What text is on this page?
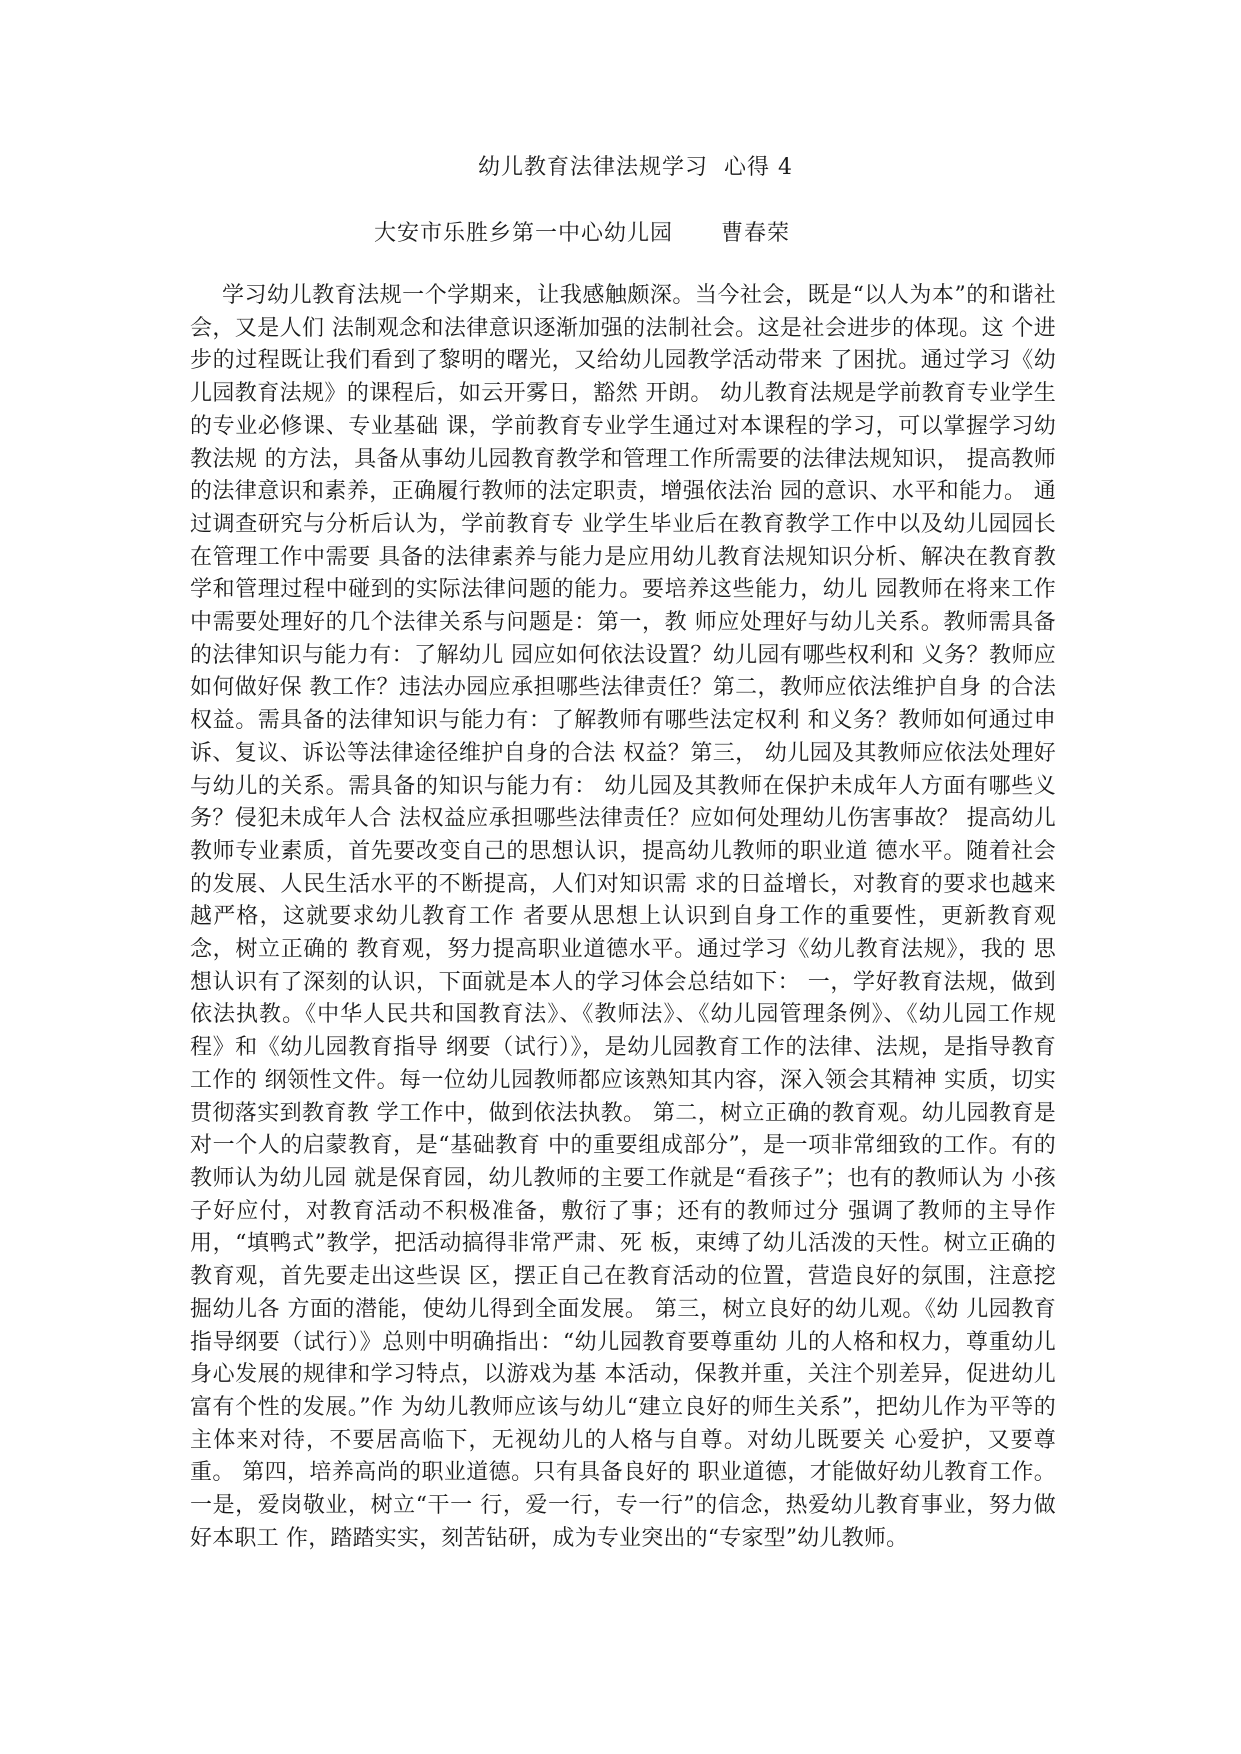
幼儿教育法律法规学习  心得 4
大安市乐胜乡第一中心幼儿园 曹春荣

学习幼儿教育法规一个学期来，让我感触颇深。当今社会，既是“以人为本”的和谐社会，又是人们 法制观念和法律意识逐渐加强的法制社会。这是社会进步的体现。这 个进步的过程既让我们看到了黎明的曙光，又给幼儿园教学活动带来 了困扰。通过学习《幼儿园教育法规》的课程后，如云开雾日，豁然 开朗。 幼儿教育法规是学前教育专业学生的专业必修课、专业基础 课，学前教育专业学生通过对本课程的学习，可以掌握学习幼教法规 的方法，具备从事幼儿园教育教学和管理工作所需要的法律法规知识， 提高教师的法律意识和素养，正确履行教师的法定职责，增强依法治 园的意识、水平和能力。 通过调查研究与分析后认为，学前教育专 业学生毕业后在教育教学工作中以及幼儿园园长在管理工作中需要 具备的法律素养与能力是应用幼儿教育法规知识分析、解决在教育教 学和管理过程中碰到的实际法律问题的能力。要培养这些能力，幼儿 园教师在将来工作中需要处理好的几个法律关系与问题是：第一，教 师应处理好与幼儿关系。教师需具备的法律知识与能力有：了解幼儿 园应如何依法设置？幼儿园有哪些权利和 义务？教师应如何做好保 教工作？违法办园应承担哪些法律责任？第二，教师应依法维护自身 的合法权益。需具备的法律知识与能力有：了解教师有哪些法定权利 和义务？教师如何通过申诉、复议、诉讼等法律途径维护自身的合法 权益？第三， 幼儿园及其教师应依法处理好与幼儿的关系。需具备的知识与能力有： 幼儿园及其教师在保护未成年人方面有哪些义务？侵犯未成年人合 法权益应承担哪些法律责任？应如何处理幼儿伤害事故？ 提高幼儿 教师专业素质，首先要改变自己的思想认识，提高幼儿教师的职业道 德水平。随着社会的发展、人民生活水平的不断提高，人们对知识需 求的日益增长，对教育的要求也越来越严格，这就要求幼儿教育工作 者要从思想上认识到自身工作的重要性，更新教育观念，树立正确的 教育观，努力提高职业道德水平。通过学习《幼儿教育法规》，我的 思想认识有了深刻的认识，下面就是本人的学习体会总结如下： 一，学好教育法规，做到依法执教。《中华人民共和国教育法》、《教师法》、《幼儿园管理条例》、《幼儿园工作规程》和《幼儿园教育指导 纲要（试行）》，是幼儿园教育工作的法律、法规，是指导教育工作的 纲领性文件。每一位幼儿园教师都应该熟知其内容，深入领会其精神 实质，切实贯彻落实到教育教 学工作中，做到依法执教。 第二，树立正确的教育观。幼儿园教育是对一个人的启蒙教育，是“基础教育 中的重要组成部分”，是一项非常细致的工作。有的教师认为幼儿园 就是保育园，幼儿教师的主要工作就是“看孩子”；也有的教师认为 小孩子好应付，对教育活动不积极准备，敷衍了事；还有的教师过分 强调了教师的主导作用，“填鸭式”教学，把活动搞得非常严肃、死 板，束缚了幼儿活泼的天性。树立正确的教育观，首先要走出这些误 区，摆正自己在教育活动的位置，营造良好的氛围，注意挖掘幼儿各 方面的潜能，使幼儿得到全面发展。 第三，树立良好的幼儿观。《幼 儿园教育指导纲要（试行）》总则中明确指出：“幼儿园教育要尊重幼 儿的人格和权力，尊重幼儿身心发展的规律和学习特点，以游戏为基 本活动，保教并重，关注个别差异，促进幼儿富有个性的发展。”作 为幼儿教师应该与幼儿“建立良好的师生关系”，把幼儿作为平等的 主体来对待，不要居高临下，无视幼儿的人格与自尊。对幼儿既要关 心爱护，又要尊重。 第四，培养高尚的职业道德。只有具备良好的 职业道德，才能做好幼儿教育工作。 一是，爱岗敬业，树立“干一 行，爱一行，专一行”的信念，热爱幼儿教育事业，努力做好本职工 作，踏踏实实，刻苦钻研，成为专业突出的“专家型”幼儿教师。
